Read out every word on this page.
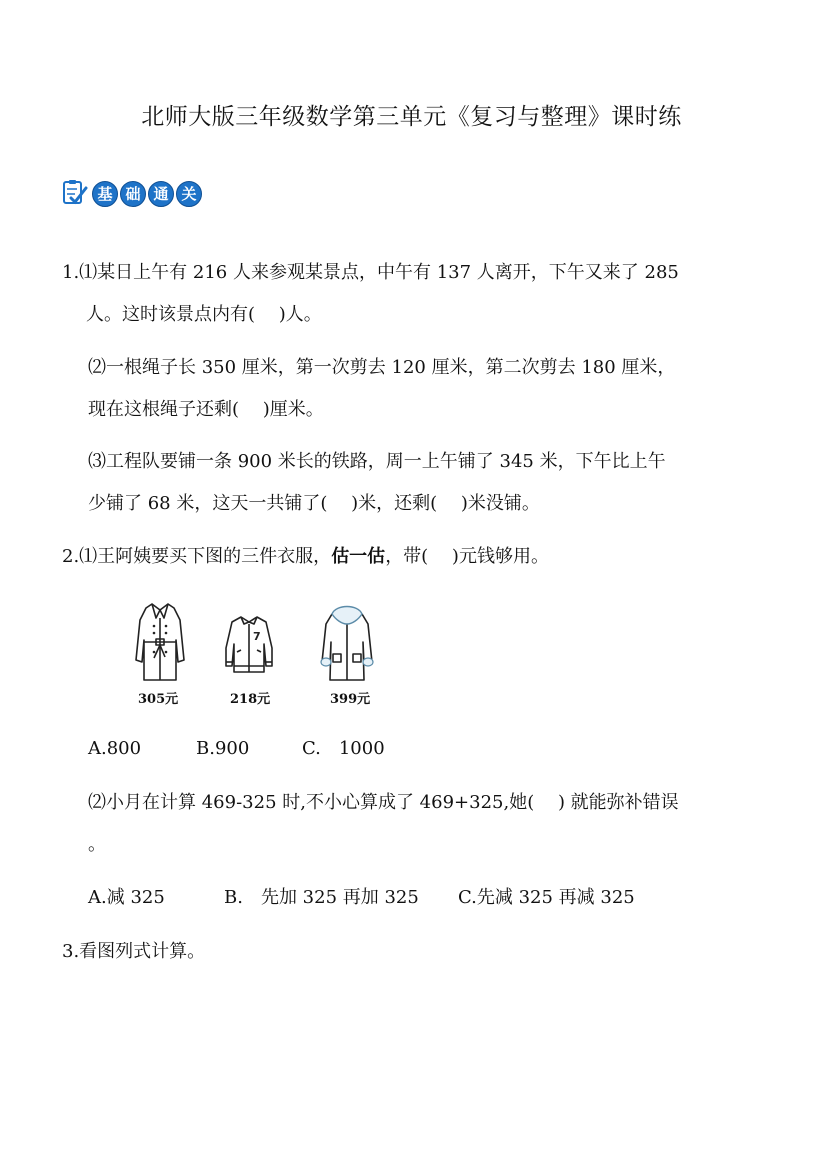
北师大版三年级数学第三单元《复习与整理》课时练
基 础 通 关
1.⑴某日上午有 216 人来参观某景点，中午有 137 人离开，下午又来了 285
人。这时该景点内有(　 )人。
⑵一根绳子长 350 厘米，第一次剪去 120 厘米，第二次剪去 180 厘米，
现在这根绳子还剩(　 )厘米。
⑶工程队要铺一条 900 米长的铁路，周一上午铺了 345 米，下午比上午
少铺了 68 米，这天一共铺了(　 )米，还剩(　 )米没铺。
2.⑴王阿姨要买下图的三件衣服，估一估，带(　 )元钱够用。
305元
7
218元	399元
A.800	B.900	C.　1000
⑵小月在计算 469-325 时,不小心算成了 469+325,她(　 ) 就能弥补错误
。
A.减 325	B.　先加 325 再加 325 C.先减 325 再减 325
3.看图列式计算。
